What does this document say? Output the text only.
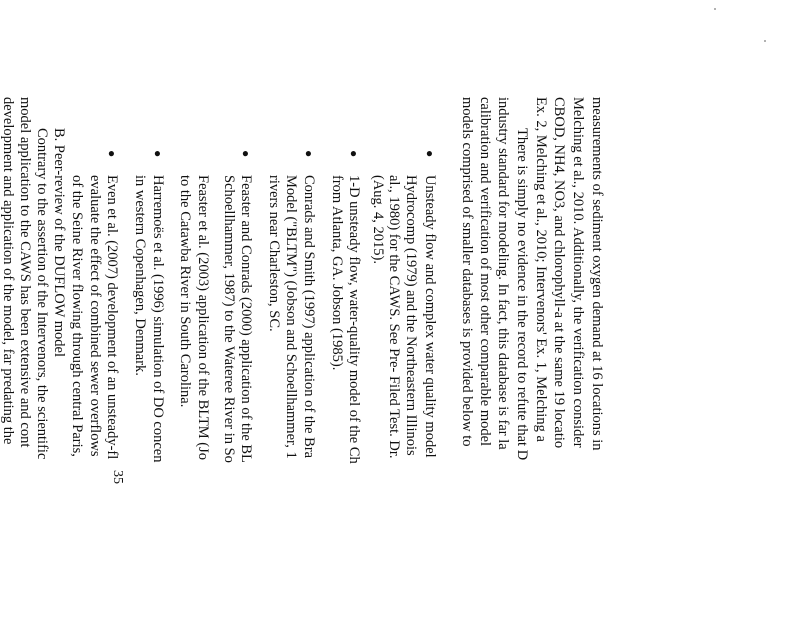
measurements of sediment oxygen demand at 16 locations in
Melching et al., 2010. Additionally, the verification consider
CBOD, NH4, NO3, and chlorophyll-a at the same 19 locatio
Ex. 2, Melching et al., 2010; Intervenors' Ex. 1, Melching a
There is simply no evidence in the record to refute that D
industry standard for modeling. In fact, this database is far la
calibration and verification of most other comparable model
models comprised of smaller databases is provided below to
●
Unsteady flow and complex water quality model
Hydrocomp (1979) and the Northeastern Illinois
al., 1980) for the CAWS. See Pre- Filed Test. Dr.
(Aug. 4, 2015).
●
1-D unsteady flow, water-quality model of the Ch
from Atlanta, GA. Jobson (1985).
●
Conrads and Smith (1997) application of the Bra
Model ("BLTM") (Jobson and Schoellhammer, 1
rivers near Charleston, SC.
●
Feaster and Conrads (2000) application of the BL
Schoellhammer, 1987) to the Wateree River in So
Feaster et al. (2003) application of the BLTM (Jo
to the Catawba River in South Carolina.
●
Harremoës et al. (1996) simulation of DO concen
in western Copenhagen, Denmark.
●
Even et al. (2007) development of an unsteady-fl
evaluate the effect of combined sewer overflows
of the Seine River flowing through central Paris,
B. Peer-review of the DUFLOW model
Contrary to the assertion of the Intervenors, the scientific
model application to the CAWS has been extensive and cont
development and application of the model, far predating the
35
